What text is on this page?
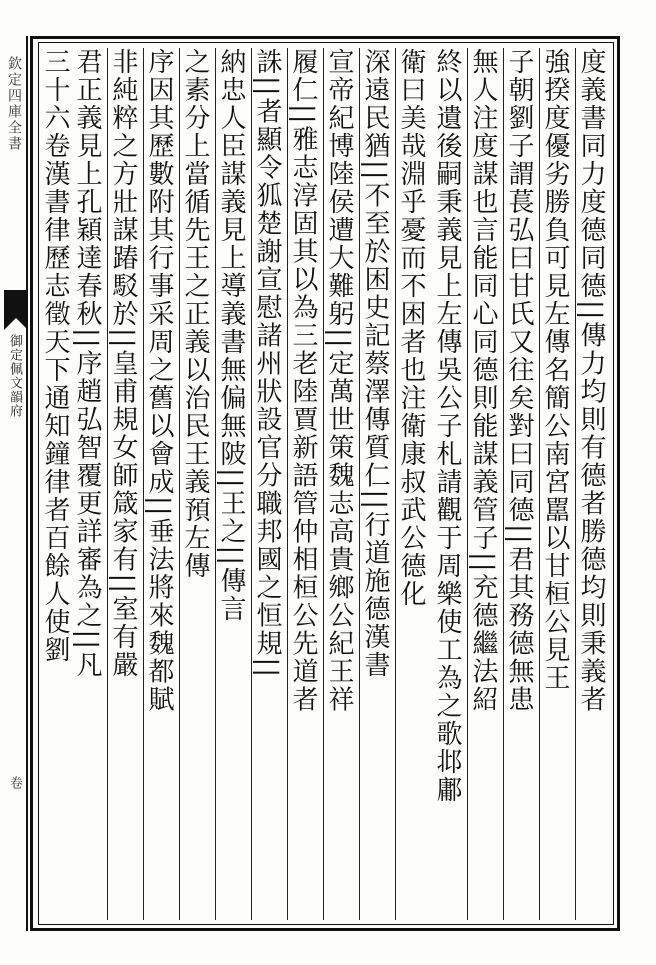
欽定四庫全書
御定佩文韻府
卷
度義書同力度德同德||傳力均則有德者勝德均則秉義者
強揆度優劣勝負可見左傳名簡公南宮嚚以甘桓公見王
子朝劉子謂萇弘曰甘氏又往矣對曰同德||君其務德無患
無人注度謀也言能同心同德則能謀義管子||充德繼法紹
終以遺後嗣秉義見上左傳吳公子札請觀于周樂使工為之歌邶鄘
衛曰美哉淵乎憂而不困者也注衛康叔武公德化
深遠民猶||不至於困史記蔡澤傳質仁||行道施德漢書
宣帝紀博陸侯遭大難躬||定萬世策魏志高貴鄉公紀王祥
履仁||雅志淳固其以為三老陸賈新語管仲相桓公先道者
誅||者顯令狐楚謝宣慰諸州狀設官分職邦國之恒規||
納忠人臣謀義見上導義書無偏無陂||王之||傳言
之素分上當循先王之正義以治民王義預左傳
序因其歷數附其行事采周之舊以會成||垂法將來魏都賦
非純粹之方壯謀踳駁於||皇甫規女師箴家有||室有嚴
君正義見上孔穎達春秋||序趙弘智覆更詳審為之||凡
三十六卷漢書律歷志徵天下通知鐘律者百餘人使劉
